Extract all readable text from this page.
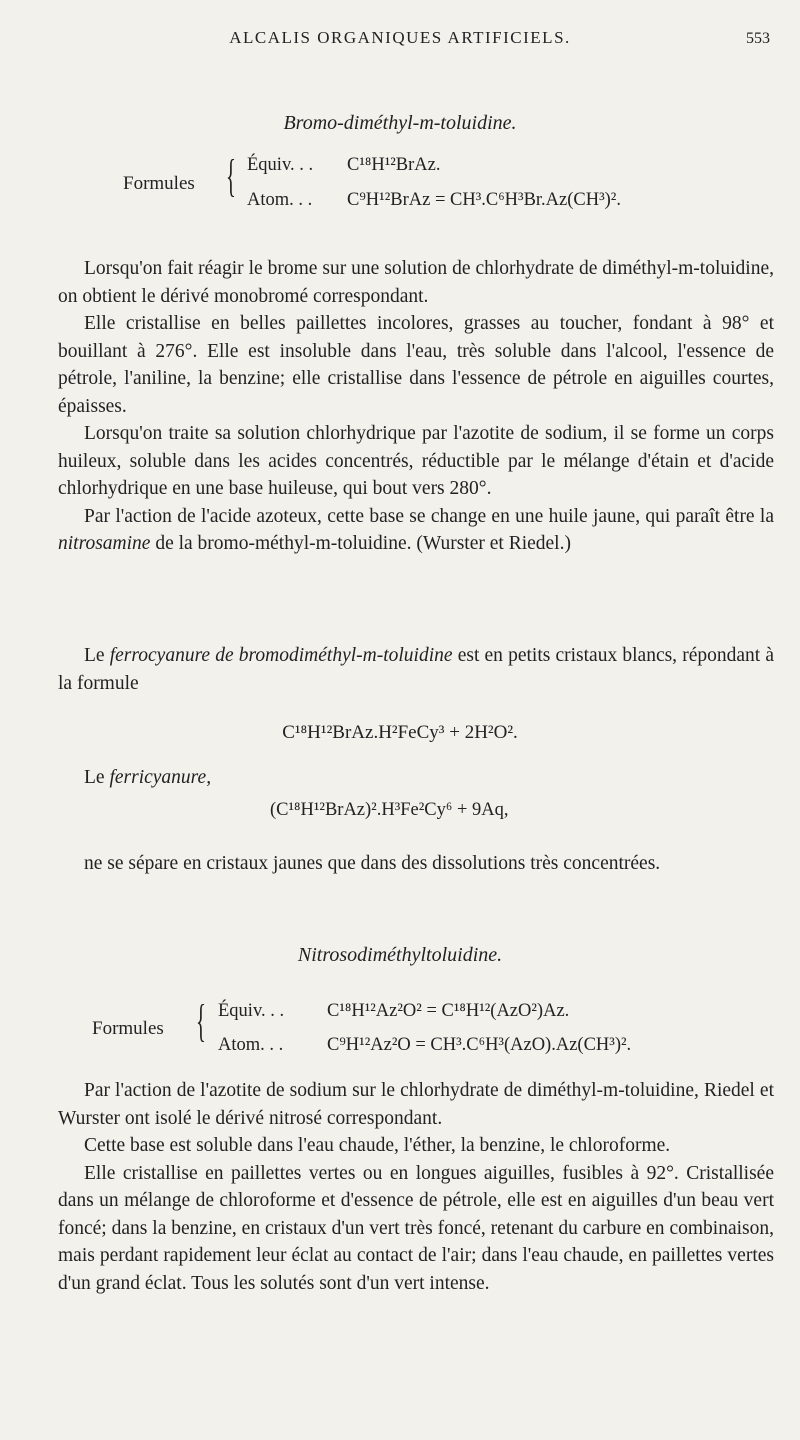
ALCALIS ORGANIQUES ARTIFICIELS.	553
Bromo-diméthyl-m-toluidine.
Formules { Équiv. . . C¹⁸H¹²BrAz.
Atom. . . C⁹H¹²BrAz = CH³.C⁶H³Br.Az(CH³)².

Lorsqu'on fait réagir le brome sur une solution de chlorhydrate de diméthyl-m-toluidine, on obtient le dérivé monobromé correspondant.

Elle cristallise en belles paillettes incolores, grasses au toucher, fondant à 98° et bouillant à 276°. Elle est insoluble dans l'eau, très soluble dans l'alcool, l'essence de pétrole, l'aniline, la benzine; elle cristallise dans l'essence de pétrole en aiguilles courtes, épaisses.

Lorsqu'on traite sa solution chlorhydrique par l'azotite de sodium, il se forme un corps huileux, soluble dans les acides concentrés, réductible par le mélange d'étain et d'acide chlorhydrique en une base huileuse, qui bout vers 280°.

Par l'action de l'acide azoteux, cette base se change en une huile jaune, qui paraît être la nitrosamine de la bromo-méthyl-m-toluidine. (Wurster et Riedel.)

Le ferrocyanure de bromodiméthyl-m-toluidine est en petits cristaux blancs, répondant à la formule

C¹⁸H¹²BrAz.H²FeCy³ + 2H²O².

Le ferricyanure,

(C¹⁸H¹²BrAz)².H³Fe²Cy⁶ + 9Aq,

ne se sépare en cristaux jaunes que dans des dissolutions très concentrées.

Nitrosodiméthyltoluidine.
Formules { Équiv. . . C¹⁸H¹²Az²O² = C¹⁸H¹²(AzO²)Az.
Atom. . . C⁹H¹²Az²O = CH³.C⁶H³(AzO).Az(CH³)².

Par l'action de l'azotite de sodium sur le chlorhydrate de diméthyl-m-toluidine, Riedel et Wurster ont isolé le dérivé nitrosé correspondant.

Cette base est soluble dans l'eau chaude, l'éther, la benzine, le chloroforme.

Elle cristallise en paillettes vertes ou en longues aiguilles, fusibles à 92°. Cristallisée dans un mélange de chloroforme et d'essence de pétrole, elle est en aiguilles d'un beau vert foncé; dans la benzine, en cristaux d'un vert très foncé, retenant du carbure en combinaison, mais perdant rapidement leur éclat au contact de l'air; dans l'eau chaude, en paillettes vertes d'un grand éclat. Tous les solutés sont d'un vert intense.
